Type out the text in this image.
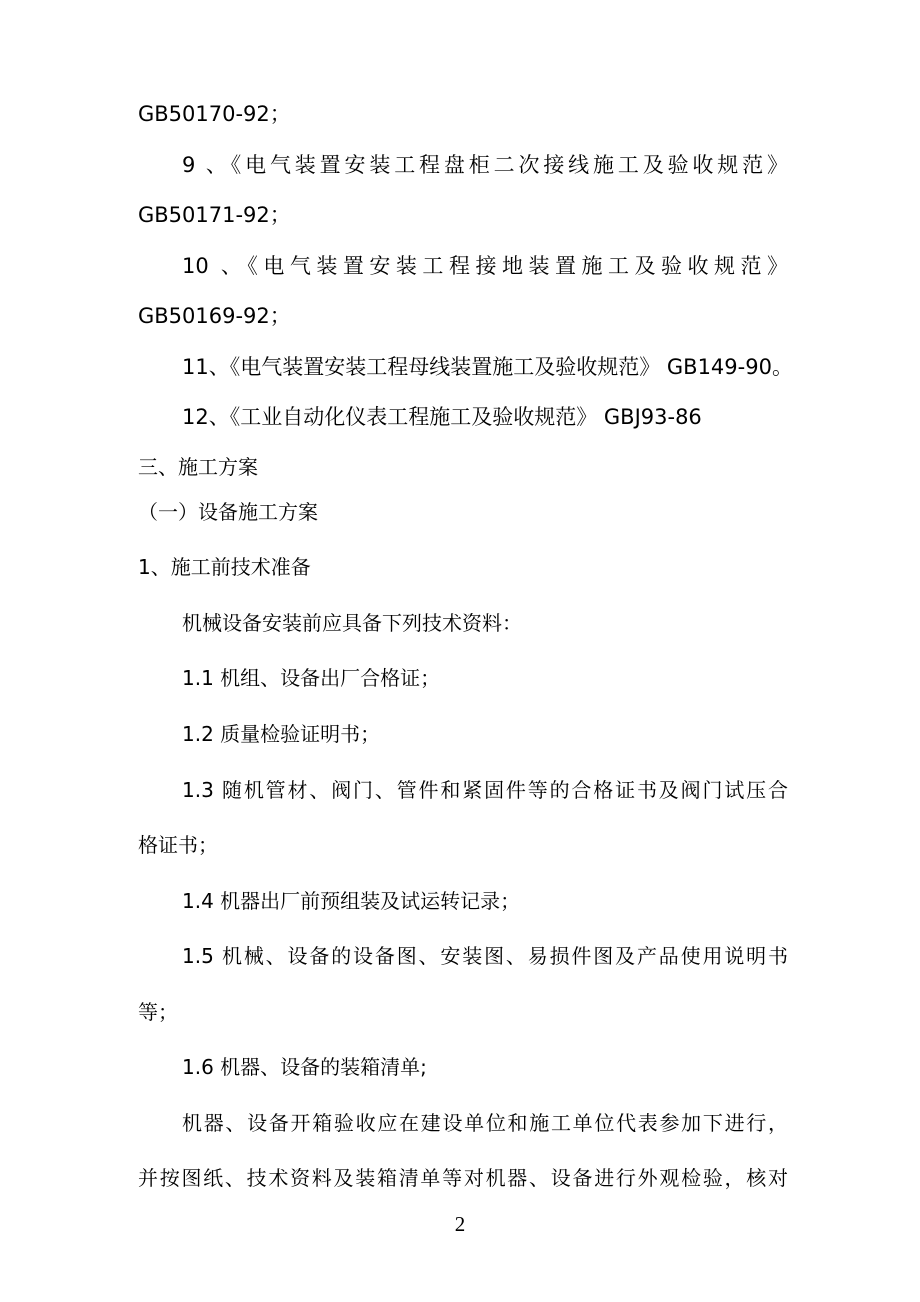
GB50170-92；
9 、《电气装置安装工程盘柜二次接线施工及验收规范》
GB50171-92；
10 、《电气装置安装工程接地装置施工及验收规范》
GB50169-92；
11、《电气装置安装工程母线装置施工及验收规范》 GB149-90。
12、《工业自动化仪表工程施工及验收规范》 GBJ93-86
三、施工方案
（一）设备施工方案
1、施工前技术准备
机械设备安装前应具备下列技术资料：
1.1 机组、设备出厂合格证；
1.2 质量检验证明书；
1.3 随机管材、阀门、管件和紧固件等的合格证书及阀门试压合
格证书；
1.4 机器出厂前预组装及试运转记录；
1.5 机械、设备的设备图、安装图、易损件图及产品使用说明书
等；
1.6 机器、设备的装箱清单;
机器、设备开箱验收应在建设单位和施工单位代表参加下进行，
并按图纸、技术资料及装箱清单等对机器、设备进行外观检验，核对
2
